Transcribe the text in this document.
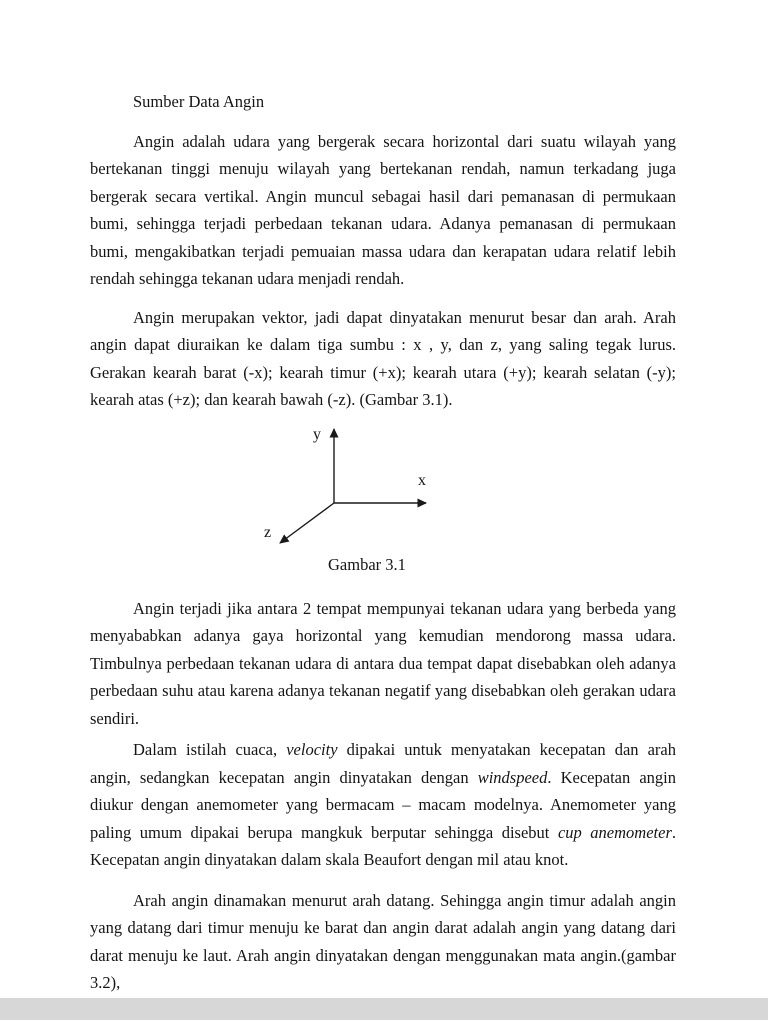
Sumber Data Angin

Angin adalah udara yang bergerak secara horizontal dari suatu wilayah yang bertekanan tinggi menuju wilayah yang bertekanan rendah, namun terkadang juga bergerak secara vertikal. Angin muncul sebagai hasil dari pemanasan di permukaan bumi, sehingga terjadi perbedaan tekanan udara. Adanya pemanasan di permukaan bumi, mengakibatkan terjadi pemuaian massa udara dan kerapatan udara relatif lebih rendah sehingga tekanan udara menjadi rendah.

Angin merupakan vektor, jadi dapat dinyatakan menurut besar dan arah. Arah angin dapat diuraikan ke dalam tiga sumbu : x , y, dan z, yang saling tegak lurus. Gerakan kearah barat (-x); kearah timur (+x); kearah utara (+y); kearah selatan (-y); kearah atas (+z); dan kearah bawah (-z). (Gambar 3.1).

y
x
z
Gambar 3.1

Angin terjadi jika antara 2 tempat mempunyai tekanan udara yang berbeda yang menyababkan adanya gaya horizontal yang kemudian mendorong massa udara. Timbulnya perbedaan tekanan udara di antara dua tempat dapat disebabkan oleh adanya perbedaan suhu atau karena adanya tekanan negatif yang disebabkan oleh gerakan udara sendiri.

Dalam istilah cuaca, velocity dipakai untuk menyatakan kecepatan dan arah angin, sedangkan kecepatan angin dinyatakan dengan windspeed. Kecepatan angin diukur dengan anemometer yang bermacam – macam modelnya. Anemometer yang paling umum dipakai berupa mangkuk berputar sehingga disebut cup anemometer. Kecepatan angin dinyatakan dalam skala Beaufort dengan mil atau knot.

Arah angin dinamakan menurut arah datang. Sehingga angin timur adalah angin yang datang dari timur menuju ke barat dan angin darat adalah angin yang datang dari darat menuju ke laut. Arah angin dinyatakan dengan menggunakan mata angin.(gambar 3.2),
